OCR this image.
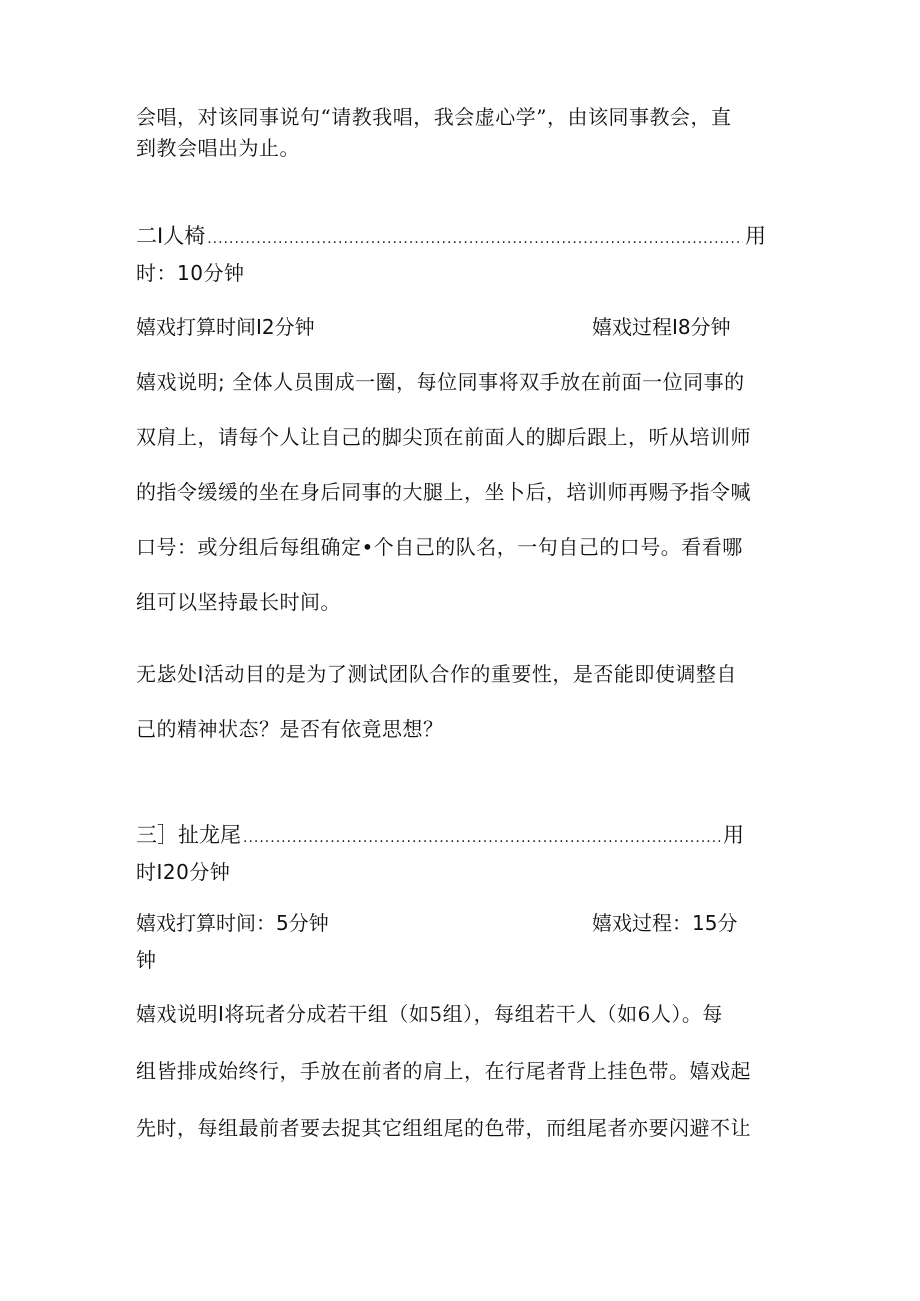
会唱，对该同事说句“请教我唱，我会虚心学”，由该同事教会，直
到教会唱出为止。
二I人椅 .....	用
时：10分钟
嬉戏打算时间I2分钟	嬉戏过程I8分钟
嬉戏说明; 全体人员围成一圈，每位同事将双手放在前面一位同事的
双肩上，请每个人让自己的脚尖顶在前面人的脚后跟上，听从培训师
的指令缓缓的坐在身后同事的大腿上，坐卜后，培训师再赐予指令喊
口号：或分组后每组确定•个自己的队名，一句自己的口号。看看哪
组可以坚持最长时间。
无毖处I活动目的是为了测试团队合作的重要性，是否能即使调整自
己的精神状态？是否有依竟思想？
三］扯龙尾 .....	用
时I20分钟
嬉戏打算时间：5分钟	嬉戏过程：15分
钟
嬉戏说明I将玩者分成若干组（如5组），每组若干人（如6人）。每
组皆排成始终行，手放在前者的肩上，在行尾者背上挂色带。嬉戏起
先时，每组最前者要去捉其它组组尾的色带，而组尾者亦要闪避不让
